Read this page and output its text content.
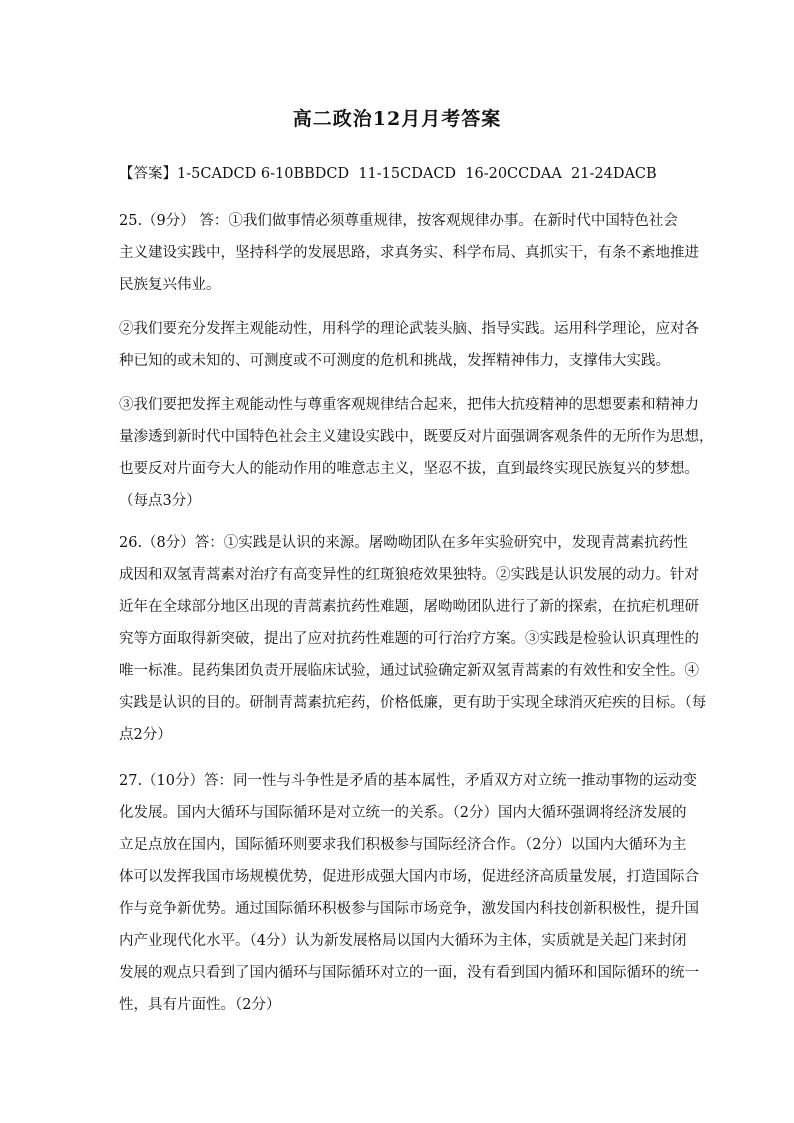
高二政治12月月考答案
【答案】1-5CADCD 6-10BBDCD  11-15CDACD  16-20CCDAA  21-24DACB
25.（9分） 答：①我们做事情必须尊重规律，按客观规律办事。在新时代中国特色社会
主义建设实践中，坚持科学的发展思路，求真务实、科学布局、真抓实干，有条不紊地推进
民族复兴伟业。
②我们要充分发挥主观能动性，用科学的理论武装头脑、指导实践。运用科学理论，应对各
种已知的或未知的、可测度或不可测度的危机和挑战，发挥精神伟力，支撑伟大实践。
③我们要把发挥主观能动性与尊重客观规律结合起来，把伟大抗疫精神的思想要素和精神力
量渗透到新时代中国特色社会主义建设实践中，既要反对片面强调客观条件的无所作为思想，
也要反对片面夸大人的能动作用的唯意志主义，坚忍不拔，直到最终实现民族复兴的梦想。
（每点3分）
26.（8分）答：①实践是认识的来源。屠呦呦团队在多年实验研究中，发现青蒿素抗药性
成因和双氢青蒿素对治疗有高变异性的红斑狼疮效果独特。②实践是认识发展的动力。针对
近年在全球部分地区出现的青蒿素抗药性难题，屠呦呦团队进行了新的探索，在抗疟机理研
究等方面取得新突破，提出了应对抗药性难题的可行治疗方案。③实践是检验认识真理性的
唯一标准。昆药集团负责开展临床试验，通过试验确定新双氢青蒿素的有效性和安全性。④
实践是认识的目的。研制青蒿素抗疟药，价格低廉，更有助于实现全球消灭疟疾的目标。（每
点2分）
27.（10分）答：同一性与斗争性是矛盾的基本属性，矛盾双方对立统一推动事物的运动变
化发展。国内大循环与国际循环是对立统一的关系。（2分）国内大循环强调将经济发展的
立足点放在国内，国际循环则要求我们积极参与国际经济合作。（2分）以国内大循环为主
体可以发挥我国市场规模优势，促进形成强大国内市场，促进经济高质量发展，打造国际合
作与竞争新优势。通过国际循环积极参与国际市场竞争，激发国内科技创新积极性，提升国
内产业现代化水平。（4分）认为新发展格局以国内大循环为主体，实质就是关起门来封闭
发展的观点只看到了国内循环与国际循环对立的一面，没有看到国内循环和国际循环的统一
性，具有片面性。（2分）
